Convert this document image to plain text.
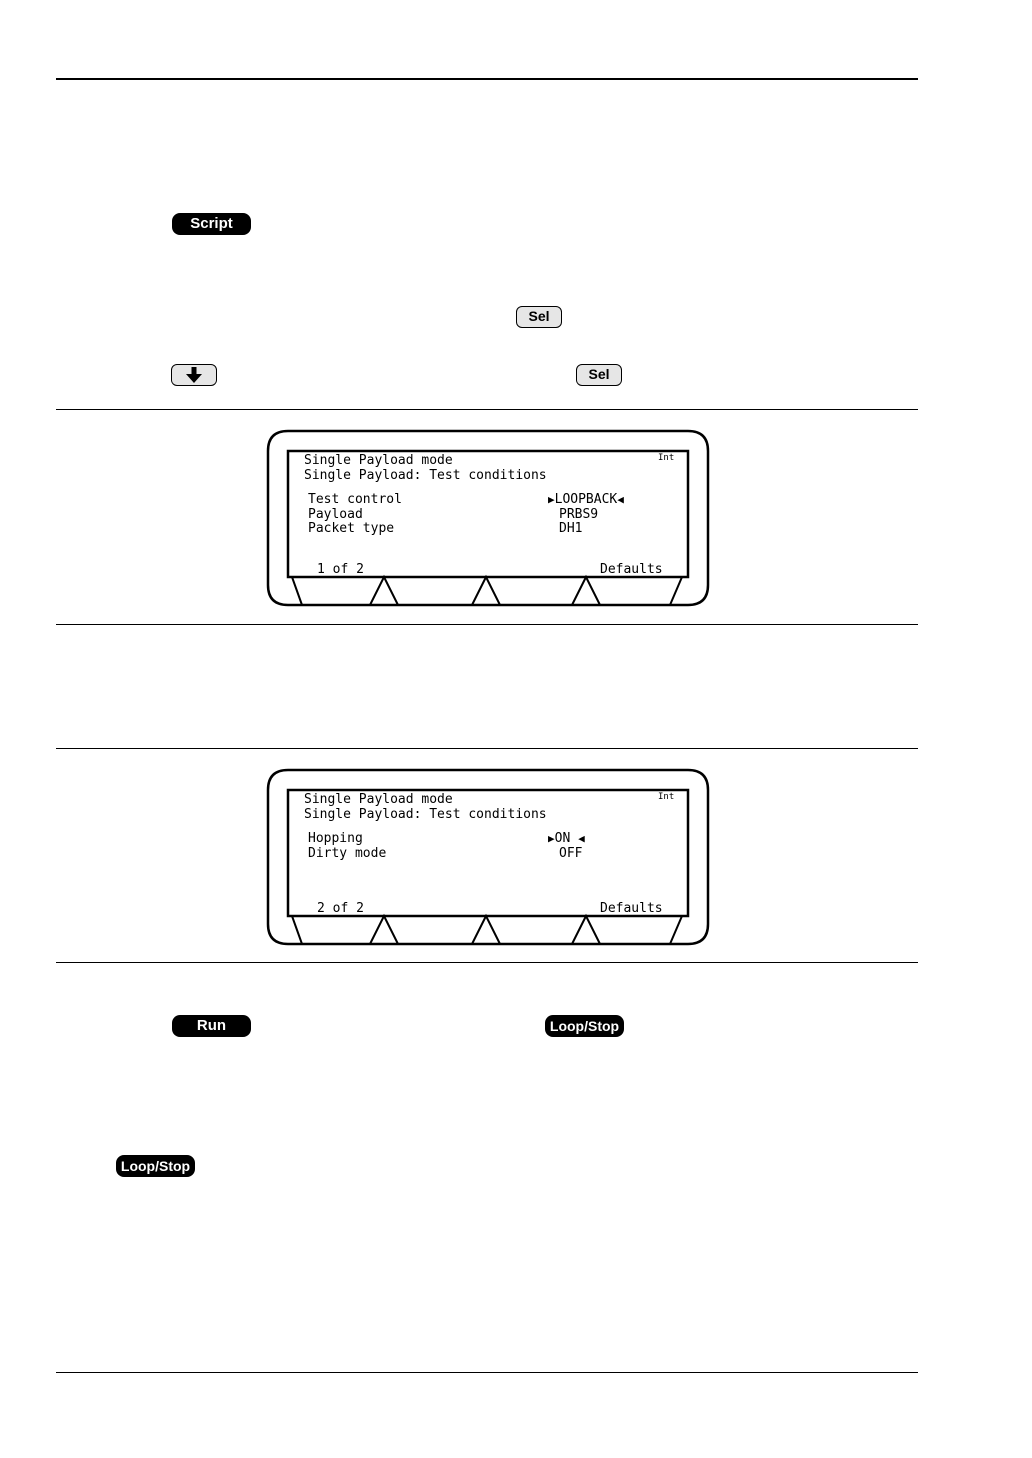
Script
Sel
Sel
Run	Loop/Stop
Loop/Stop
Single Payload mode	Int
Single Payload: Test conditions
Test control	▶LOOPBACK◀
Payload	PRBS9
Packet type	DH1
1 of 2	Defaults
Single Payload mode	Int
Single Payload: Test conditions
Hopping	▶ON ◀
Dirty mode	OFF
2 of 2	Defaults
